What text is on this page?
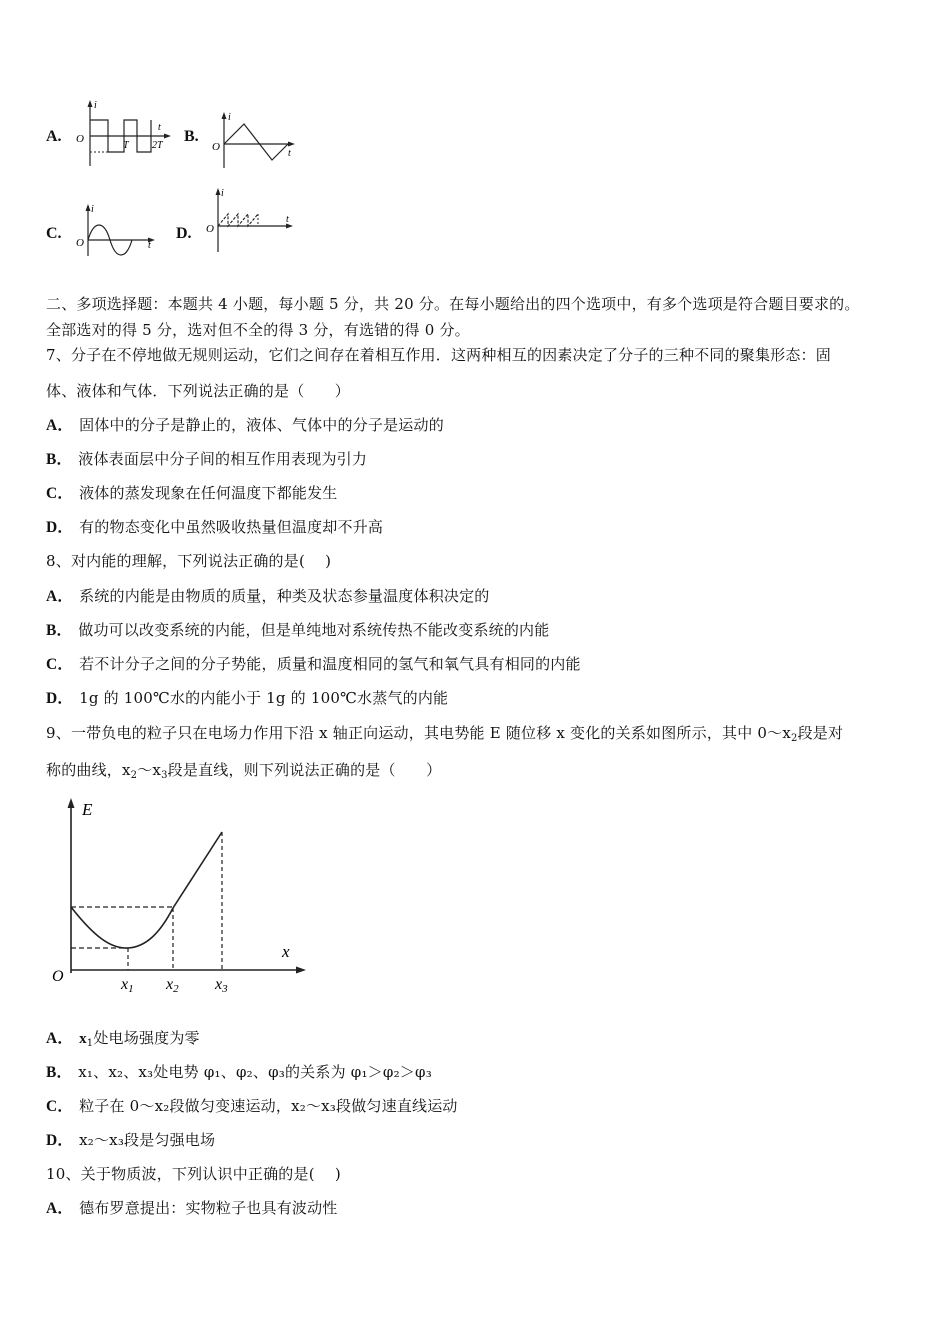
A.
i
t
O
T 2T
B.
i
t
O
C.
i
t
O
D.
i
t
O
二、多项选择题：本题共 4 小题，每小题 5 分，共 20 分。在每小题给出的四个选项中，有多个选项是符合题目要求的。
全部选对的得 5 分，选对但不全的得 3 分，有选错的得 0 分。
7、分子在不停地做无规则运动，它们之间存在着相互作用．这两种相互的因素决定了分子的三种不同的聚集形态：固
体、液体和气体．下列说法正确的是（　　）
A． 固体中的分子是静止的，液体、气体中的分子是运动的
B． 液体表面层中分子间的相互作用表现为引力
C． 液体的蒸发现象在任何温度下都能发生
D． 有的物态变化中虽然吸收热量但温度却不升高
8、对内能的理解，下列说法正确的是(　 )
A． 系统的内能是由物质的质量，种类及状态参量温度体积决定的
B． 做功可以改变系统的内能，但是单纯地对系统传热不能改变系统的内能
C． 若不计分子之间的分子势能，质量和温度相同的氢气和氧气具有相同的内能
D． 1g 的 100℃水的内能小于 1g 的 100℃水蒸气的内能
9、一带负电的粒子只在电场力作用下沿 x 轴正向运动，其电势能 E 随位移 x 变化的关系如图所示，其中 $0\sim x_2$段是对
称的曲线，$x_2\sim x_3$段是直线，则下列说法正确的是（　　）
E
x
O	x1 x2 x3
A． $x_1$处电场强度为零
B． x₁、x₂、x₃处电势 φ₁、φ₂、φ₃的关系为 φ₁＞φ₂＞φ₃
C． 粒子在 0～x₂段做匀变速运动，x₂～x₃段做匀速直线运动
D． x₂～x₃段是匀强电场
10、关于物质波，下列认识中正确的是(　 )
A． 德布罗意提出：实物粒子也具有波动性
